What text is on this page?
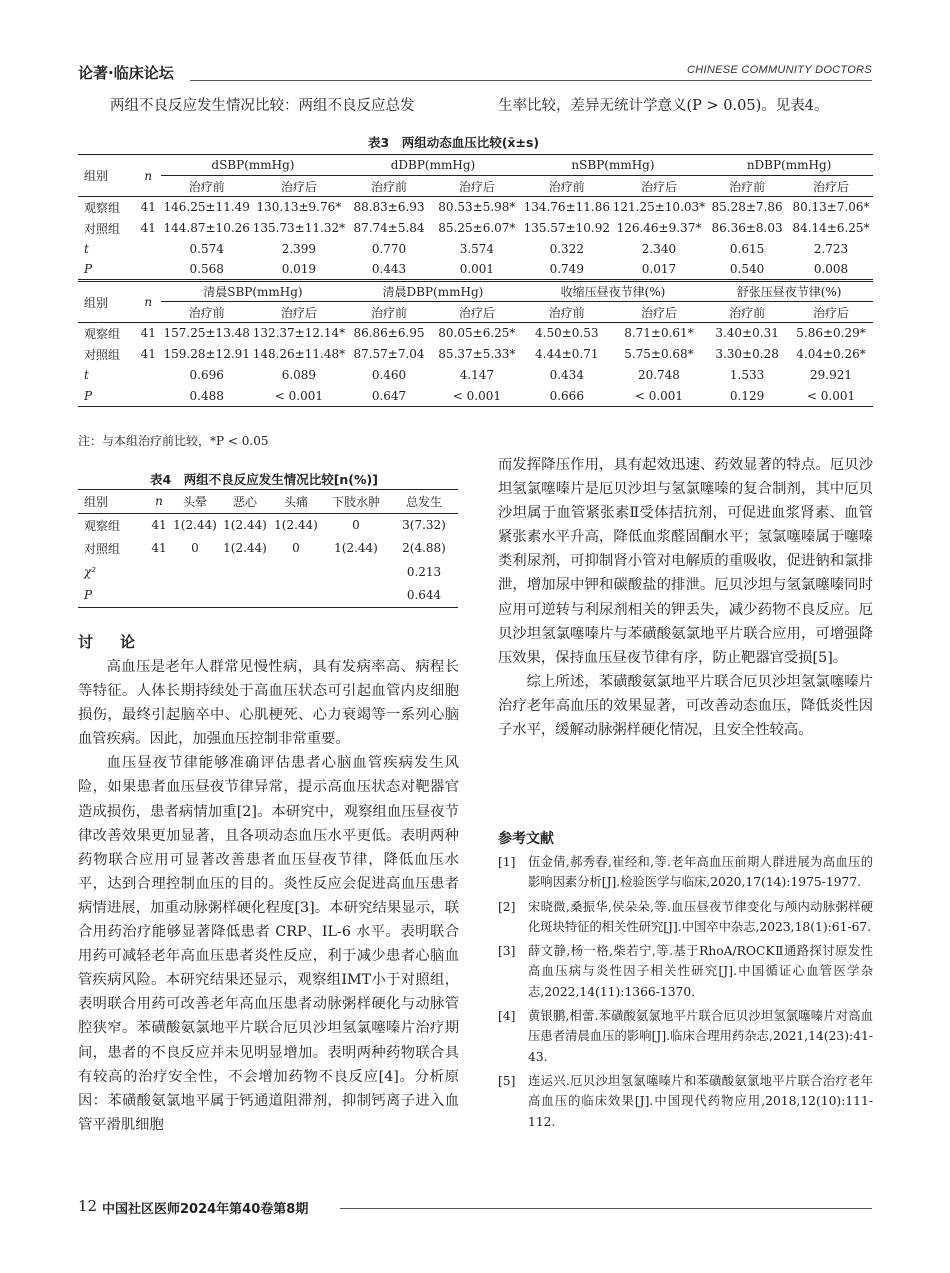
论著·临床论坛	CHINESE COMMUNITY DOCTORS
两组不良反应发生情况比较：两组不良反应总发	生率比较，差异无统计学意义(P > 0.05)。见表4。
表3　两组动态血压比较(x̄±s)
组别	n	dSBP(mmHg)		dDBP(mmHg)		nSBP(mmHg)		nDBP(mmHg)	
		治疗前	治疗后	治疗前	治疗后	治疗前	治疗后	治疗前	治疗后
观察组	41	146.25±11.49	130.13±9.76*	88.83±6.93	80.53±5.98*	134.76±11.86	121.25±10.03*	85.28±7.86	80.13±7.06*
对照组	41	144.87±10.26	135.73±11.32*	87.74±5.84	85.25±6.07*	135.57±10.92	126.46±9.37*	86.36±8.03	84.14±6.25*
t		0.574	2.399	0.770	3.574	0.322	2.340	0.615	2.723
P		0.568	0.019	0.443	0.001	0.749	0.017	0.540	0.008
组别	n	清晨SBP(mmHg)		清晨DBP(mmHg)		收缩压昼夜节律(%)		舒张压昼夜节律(%)	
		治疗前	治疗后	治疗前	治疗后	治疗前	治疗后	治疗前	治疗后
观察组	41	157.25±13.48	132.37±12.14*	86.86±6.95	80.05±6.25*	4.50±0.53	8.71±0.61*	3.40±0.31	5.86±0.29*
对照组	41	159.28±12.91	148.26±11.48*	87.57±7.04	85.37±5.33*	4.44±0.71	5.75±0.68*	3.30±0.28	4.04±0.26*
t		0.696	6.089	0.460	4.147	0.434	20.748	1.533	29.921
P		0.488	< 0.001	0.647	< 0.001	0.666	< 0.001	0.129	< 0.001
注：与本组治疗前比较，*P < 0.05
表4　两组不良反应发生情况比较[n(%)]
组别	n	头晕	恶心	头痛	下肢水肿	总发生
观察组	41	1(2.44)	1(2.44)	1(2.44)	0	3(7.32)
对照组	41	0	1(2.44)	0	1(2.44)	2(4.88)
χ²						0.213
P						0.644
讨　论

高血压是老年人群常见慢性病，具有发病率高、病程长等特征。人体长期持续处于高血压状态可引起血管内皮细胞损伤，最终引起脑卒中、心肌梗死、心力衰竭等一系列心脑血管疾病。因此，加强血压控制非常重要。

血压昼夜节律能够准确评估患者心脑血管疾病发生风险，如果患者血压昼夜节律异常，提示高血压状态对靶器官造成损伤，患者病情加重[2]。本研究中，观察组血压昼夜节律改善效果更加显著，且各项动态血压水平更低。表明两种药物联合应用可显著改善患者血压昼夜节律，降低血压水平，达到合理控制血压的目的。炎性反应会促进高血压患者病情进展，加重动脉粥样硬化程度[3]。本研究结果显示，联合用药治疗能够显著降低患者 CRP、IL-6 水平。表明联合用药可减轻老年高血压患者炎性反应，利于减少患者心脑血管疾病风险。本研究结果还显示，观察组IMT小于对照组，表明联合用药可改善老年高血压患者动脉粥样硬化与动脉管腔狭窄。苯磺酸氨氯地平片联合厄贝沙坦氢氯噻嗪片治疗期间，患者的不良反应并未见明显增加。表明两种药物联合具有较高的治疗安全性，不会增加药物不良反应[4]。分析原因：苯磺酸氨氯地平属于钙通道阻滞剂，抑制钙离子进入血管平滑肌细胞

而发挥降压作用，具有起效迅速、药效显著的特点。厄贝沙坦氢氯噻嗪片是厄贝沙坦与氢氯噻嗪的复合制剂，其中厄贝沙坦属于血管紧张素Ⅱ受体拮抗剂，可促进血浆肾素、血管紧张素水平升高，降低血浆醛固酮水平；氢氯噻嗪属于噻嗪类利尿剂，可抑制肾小管对电解质的重吸收，促进钠和氯排泄，增加尿中钾和碳酸盐的排泄。厄贝沙坦与氢氯噻嗪同时应用可逆转与利尿剂相关的钾丢失，减少药物不良反应。厄贝沙坦氢氯噻嗪片与苯磺酸氨氯地平片联合应用，可增强降压效果，保持血压昼夜节律有序，防止靶器官受损[5]。

综上所述，苯磺酸氨氯地平片联合厄贝沙坦氢氯噻嗪片治疗老年高血压的效果显著，可改善动态血压，降低炎性因子水平，缓解动脉粥样硬化情况，且安全性较高。

参考文献
[1]	伍金倩,郝秀春,崔经和,等.老年高血压前期人群进展为高血压的影响因素分析[J].检验医学与临床,2020,17(14):1975-1977.
[2]	宋晓微,桑振华,侯朵朵,等.血压昼夜节律变化与颅内动脉粥样硬化斑块特征的相关性研究[J].中国卒中杂志,2023,18(1):61-67.
[3]	薛文静,杨一格,柴若宁,等.基于RhoA/ROCKⅡ通路探讨原发性高血压病与炎性因子相关性研究[J].中国循证心血管医学杂志,2022,14(11):1366-1370.
[4]	黄银鹏,相蕾.苯磺酸氨氯地平片联合厄贝沙坦氢氯噻嗪片对高血压患者清晨血压的影响[J].临床合理用药杂志,2021,14(23):41-43.
[5]	连运兴.厄贝沙坦氢氯噻嗪片和苯磺酸氨氯地平片联合治疗老年高血压的临床效果[J].中国现代药物应用,2018,12(10):111-112.
12 中国社区医师2024年第40卷第8期
